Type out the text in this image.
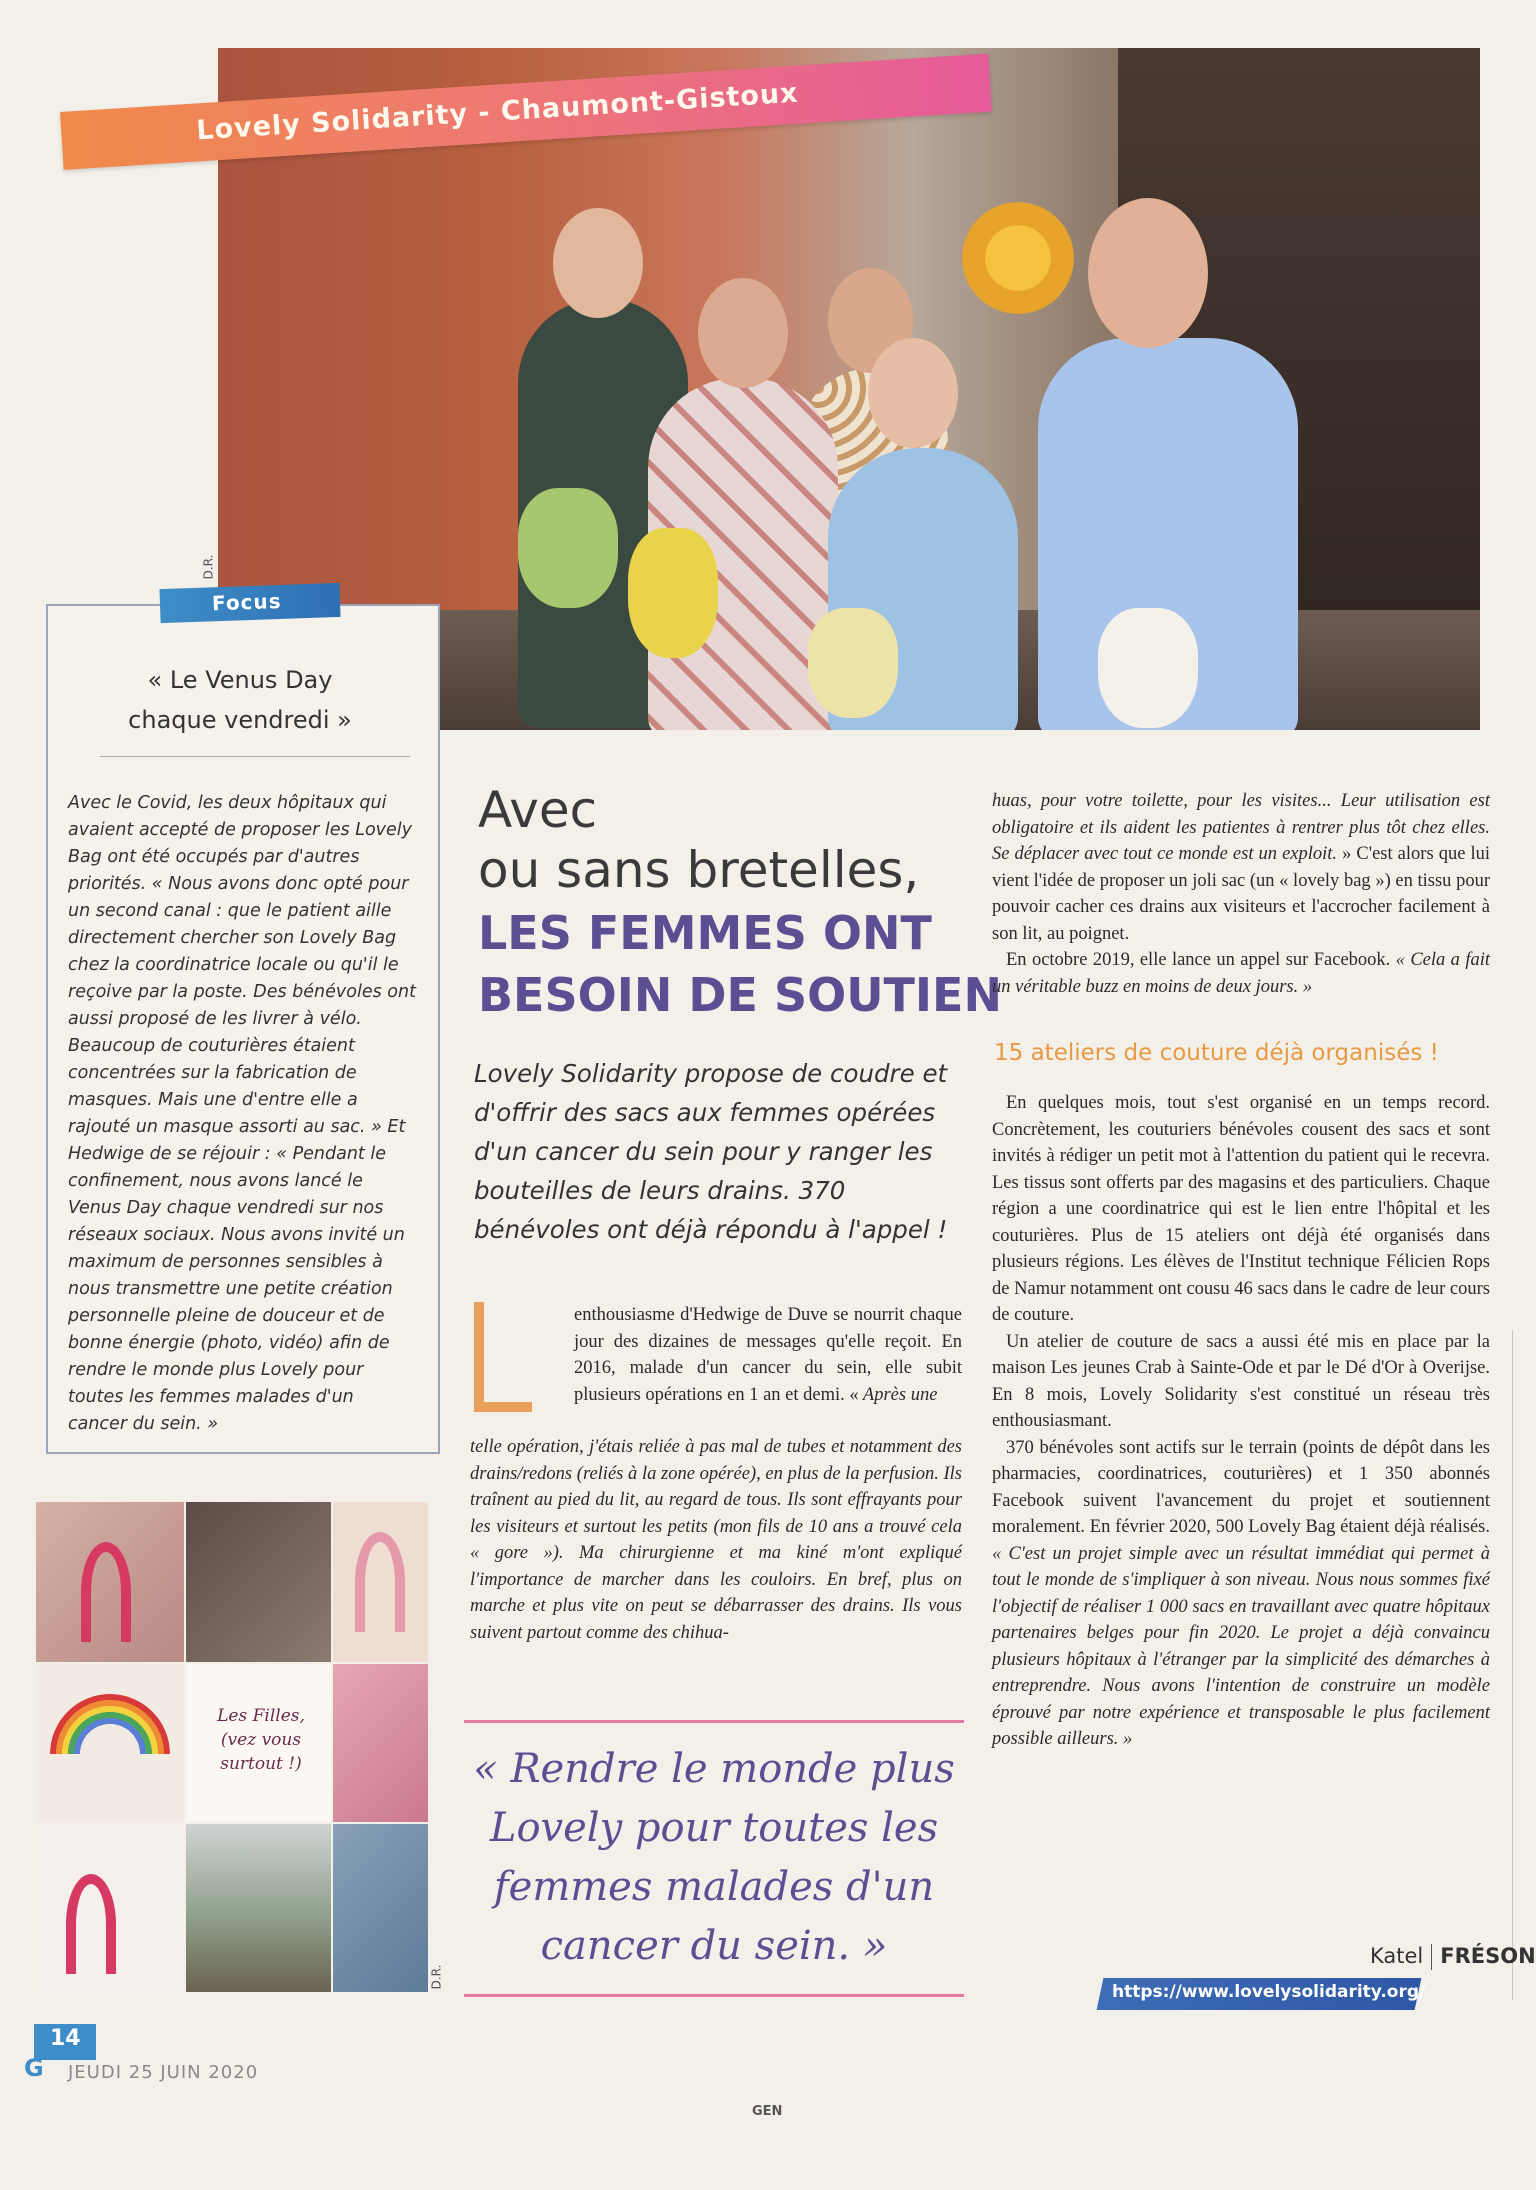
D.R.
Lovely Solidarity - Chaumont-Gistoux
Focus
« Le Venus Day
chaque vendredi »
Avec le Covid, les deux hôpitaux qui avaient accepté de proposer les Lovely Bag ont été occupés par d'autres priorités. « Nous avons donc opté pour un second canal : que le patient aille directement chercher son Lovely Bag chez la coordinatrice locale ou qu'il le reçoive par la poste. Des bénévoles ont aussi proposé de les livrer à vélo. Beaucoup de couturières étaient concentrées sur la fabrication de masques. Mais une d'entre elle a rajouté un masque assorti au sac. » Et Hedwige de se réjouir : « Pendant le confinement, nous avons lancé le Venus Day chaque vendredi sur nos réseaux sociaux. Nous avons invité un maximum de personnes sensibles à nous transmettre une petite création personnelle pleine de douceur et de bonne énergie (photo, vidéo) afin de rendre le monde plus Lovely pour toutes les femmes malades d'un cancer du sein. »
Les Filles, (vez vous surtout !)
D.R.
Avec
ou sans bretelles,
LES FEMMES ONT
BESOIN DE SOUTIEN
Lovely Solidarity propose de coudre et d'offrir des sacs aux femmes opérées d'un cancer du sein pour y ranger les bouteilles de leurs drains. 370 bénévoles ont déjà répondu à l'appel !
enthousiasme d'Hedwige de Duve se nourrit chaque jour des dizaines de messages qu'elle reçoit. En 2016, malade d'un cancer du sein, elle subit plusieurs opérations en 1 an et demi. « Après une
telle opération, j'étais reliée à pas mal de tubes et notamment des drains/redons (reliés à la zone opérée), en plus de la perfusion. Ils traînent au pied du lit, au regard de tous. Ils sont effrayants pour les visiteurs et surtout les petits (mon fils de 10 ans a trouvé cela « gore »). Ma chirurgienne et ma kiné m'ont expliqué l'importance de marcher dans les couloirs. En bref, plus on marche et plus vite on peut se débarrasser des drains. Ils vous suivent partout comme des chihua-
« Rendre le monde plus Lovely pour toutes les femmes malades d'un cancer du sein. »
huas, pour votre toilette, pour les visites... Leur utilisation est obligatoire et ils aident les patientes à rentrer plus tôt chez elles. Se déplacer avec tout ce monde est un exploit. » C'est alors que lui vient l'idée de proposer un joli sac (un « lovely bag ») en tissu pour pouvoir cacher ces drains aux visiteurs et l'accrocher facilement à son lit, au poignet.

En octobre 2019, elle lance un appel sur Facebook. « Cela a fait un véritable buzz en moins de deux jours. »

15 ateliers de couture déjà organisés !

En quelques mois, tout s'est organisé en un temps record. Concrètement, les couturiers bénévoles cousent des sacs et sont invités à rédiger un petit mot à l'attention du patient qui le recevra. Les tissus sont offerts par des magasins et des particuliers. Chaque région a une coordinatrice qui est le lien entre l'hôpital et les couturières. Plus de 15 ateliers ont déjà été organisés dans plusieurs régions. Les élèves de l'Institut technique Félicien Rops de Namur notamment ont cousu 46 sacs dans le cadre de leur cours de couture.

Un atelier de couture de sacs a aussi été mis en place par la maison Les jeunes Crab à Sainte-Ode et par le Dé d'Or à Overijse. En 8 mois, Lovely Solidarity s'est constitué un réseau très enthousiasmant.

370 bénévoles sont actifs sur le terrain (points de dépôt dans les pharmacies, coordinatrices, couturières) et 1 350 abonnés Facebook suivent l'avancement du projet et soutiennent moralement. En février 2020, 500 Lovely Bag étaient déjà réalisés. « C'est un projet simple avec un résultat immédiat qui permet à tout le monde de s'impliquer à son niveau. Nous nous sommes fixé l'objectif de réaliser 1 000 sacs en travaillant avec quatre hôpitaux partenaires belges pour fin 2020. Le projet a déjà convaincu plusieurs hôpitaux à l'étranger par la simplicité des démarches à entreprendre. Nous avons l'intention de construire un modèle éprouvé par notre expérience et transposable le plus facilement possible ailleurs. »

Katel FRÉSON
https://www.lovelysolidarity.org/
14
G JEUDI 25 JUIN 2020
GEN
